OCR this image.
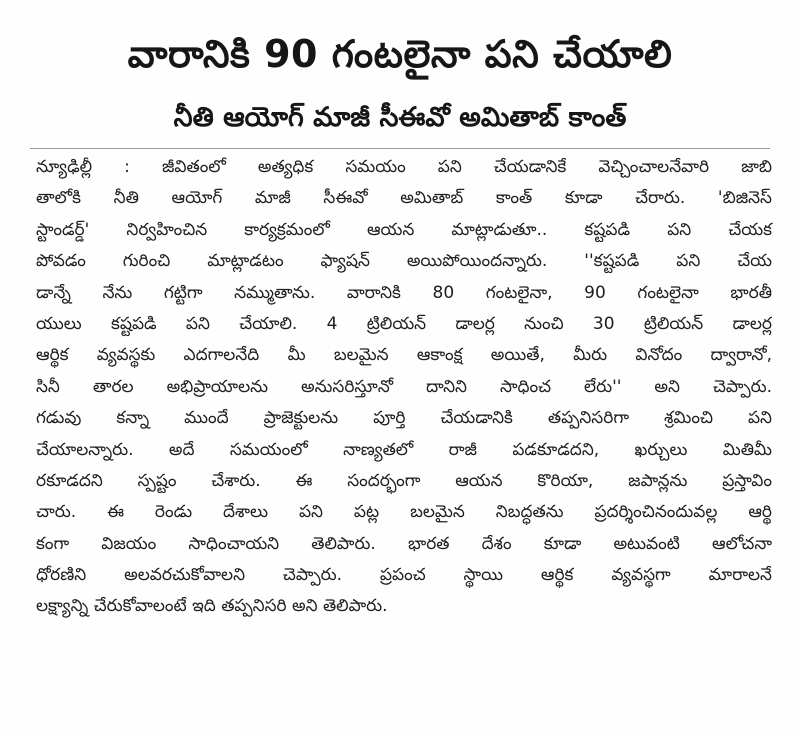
వారానికి 90 గంటలైనా పని చేయాలి
నీతి ఆయోగ్ మాజీ సీఈవో అమితాబ్ కాంత్
న్యూఢిల్లీ : జీవితంలో అత్యధిక సమయం పని చేయడానికే వెచ్చించాలనేవారి జాబి
తాలోకి నీతి ఆయోగ్ మాజీ సీఈవో అమితాబ్ కాంత్ కూడా చేరారు. 'బిజినెస్
స్టాండర్డ్' నిర్వహించిన కార్యక్రమంలో ఆయన మాట్లాడుతూ.. కష్టపడి పని చేయక
పోవడం గురించి మాట్లాడటం ఫ్యాషన్ అయిపోయిందన్నారు. ''కష్టపడి పని చేయ
డాన్నే నేను గట్టిగా నమ్ముతాను. వారానికి 80 గంటలైనా, 90 గంటలైనా భారతీ
యులు కష్టపడి పని చేయాలి. 4 ట్రిలియన్ డాలర్ల నుంచి 30 ట్రిలియన్ డాలర్ల
ఆర్థిక వ్యవస్థకు ఎదగాలనేది మీ బలమైన ఆకాంక్ష అయితే, మీరు వినోదం ద్వారానో,
సినీ తారల అభిప్రాయాలను అనుసరిస్తూనో దానిని సాధించ లేరు'' అని చెప్పారు.
గడువు కన్నా ముందే ప్రాజెక్టులను పూర్తి చేయడానికి తప్పనిసరిగా శ్రమించి పని
చేయాలన్నారు. అదే సమయంలో నాణ్యతలో రాజీ పడకూడదని, ఖర్చులు మితిమీ
రకూడదని స్పష్టం చేశారు. ఈ సందర్భంగా ఆయన కొరియా, జపాన్లను ప్రస్తావిం
చారు. ఈ రెండు దేశాలు పని పట్ల బలమైన నిబద్ధతను ప్రదర్శించినందువల్ల ఆర్థి
కంగా విజయం సాధించాయని తెలిపారు. భారత దేశం కూడా అటువంటి ఆలోచనా
ధోరణిని అలవరచుకోవాలని చెప్పారు. ప్రపంచ స్థాయి ఆర్థిక వ్యవస్థగా మారాలనే
లక్ష్యాన్ని చేరుకోవాలంటే ఇది తప్పనిసరి అని తెలిపారు.
